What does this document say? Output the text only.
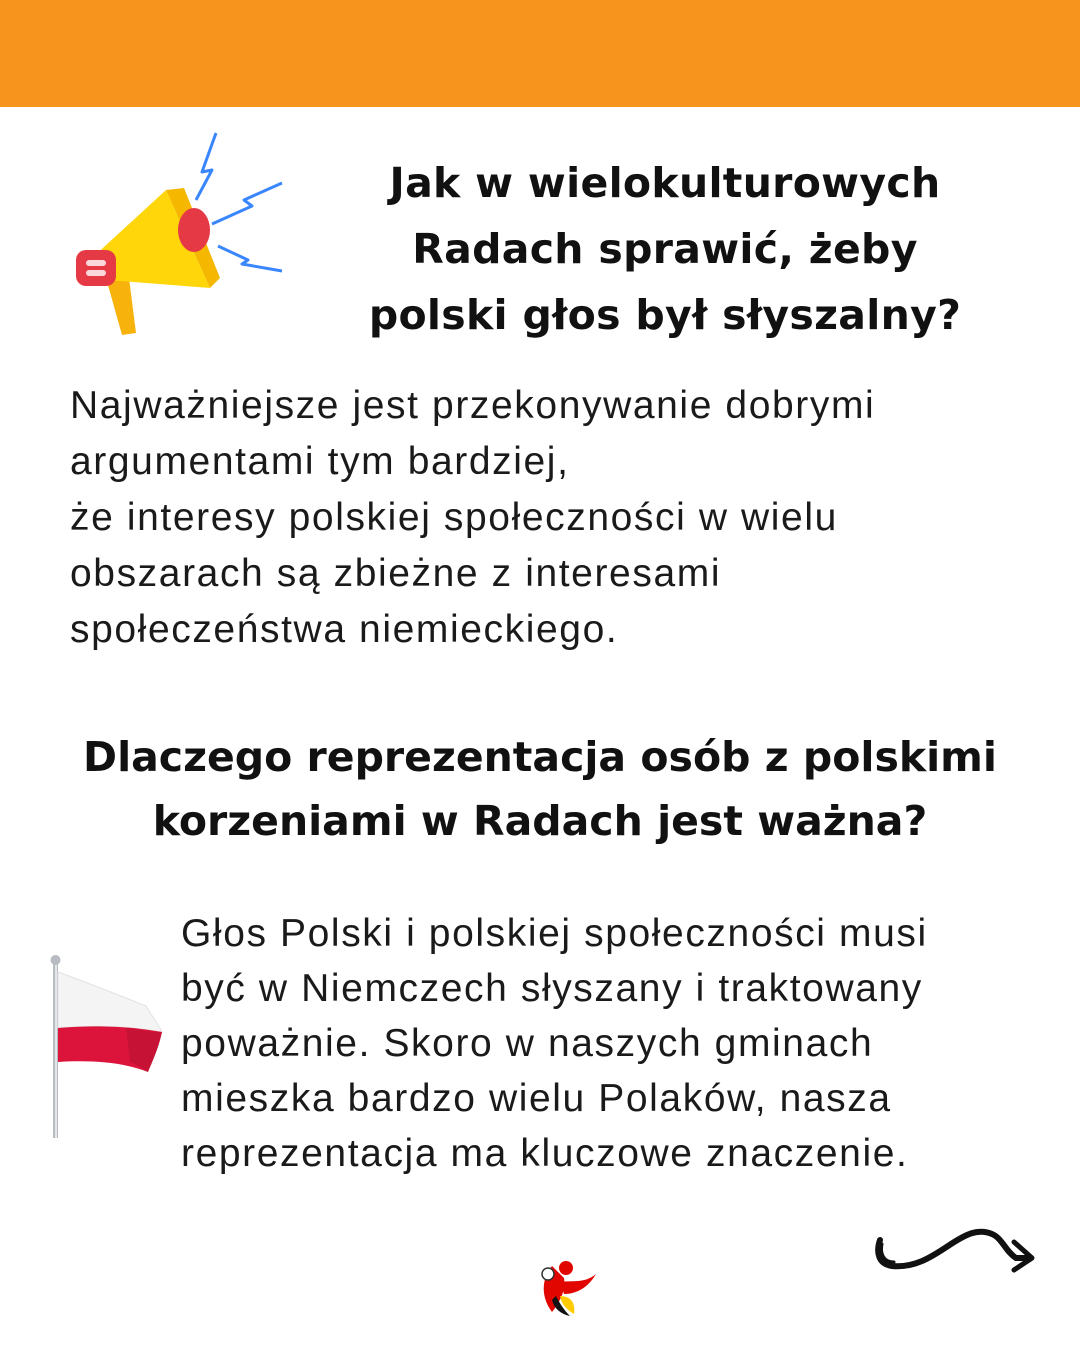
Jak w wielokulturowych
Radach sprawić, żeby
polski głos był słyszalny?

Najważniejsze jest przekonywanie dobrymi
argumentami tym bardziej,
że interesy polskiej społeczności w wielu
obszarach są zbieżne z interesami
społeczeństwa niemieckiego.

Dlaczego reprezentacja osób z polskimi
korzeniami w Radach jest ważna?

Głos Polski i polskiej społeczności musi
być w Niemczech słyszany i traktowany
poważnie. Skoro w naszych gminach
mieszka bardzo wielu Polaków, nasza
reprezentacja ma kluczowe znaczenie.
